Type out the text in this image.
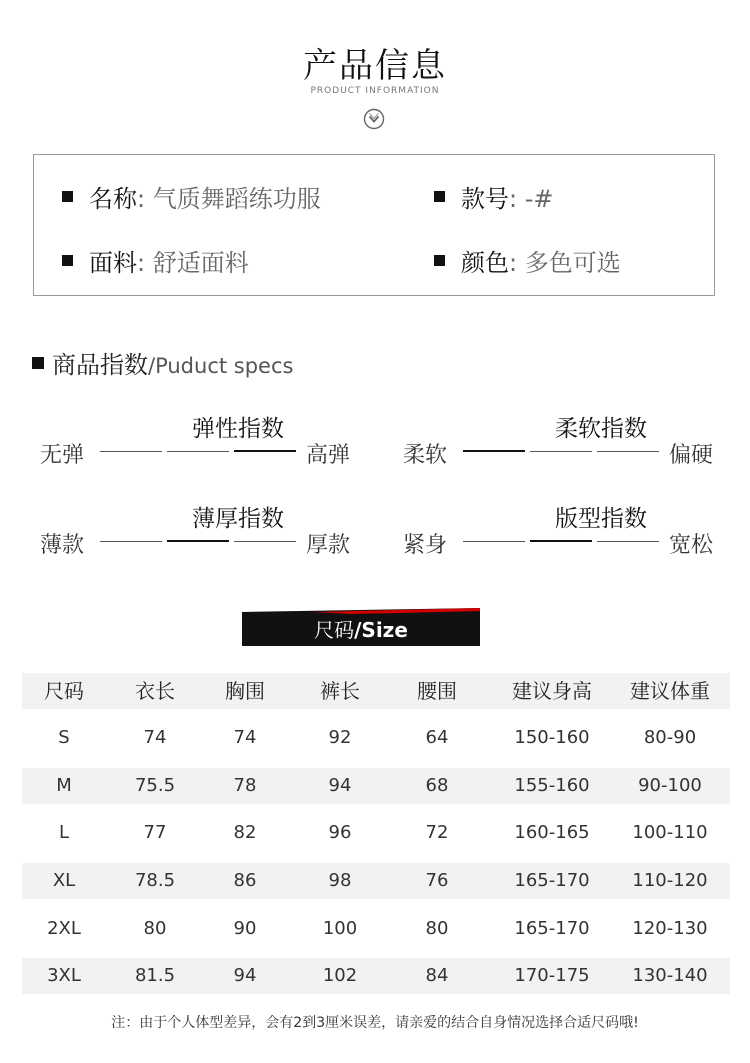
产品信息
PRODUCT INFORMATION
名称: 气质舞蹈练功服	款号: -#
面料: 舒适面料	颜色: 多色可选
商品指数/Puduct specs
弹性指数
无弹	高弹
柔软指数
柔软	偏硬
薄厚指数
薄款	厚款
版型指数
紧身	宽松
尺码/Size
尺码	衣长	胸围	裤长	腰围	建议身高	建议体重
S	74	74	92	64	150-160	80-90
M	75.5	78	94	68	155-160	90-100
L	77	82	96	72	160-165	100-110
XL	78.5	86	98	76	165-170	110-120
2XL	80	90	100	80	165-170	120-130
3XL	81.5	94	102	84	170-175	130-140
注：由于个人体型差异，会有2到3厘米误差，请亲爱的结合自身情况选择合适尺码哦!
